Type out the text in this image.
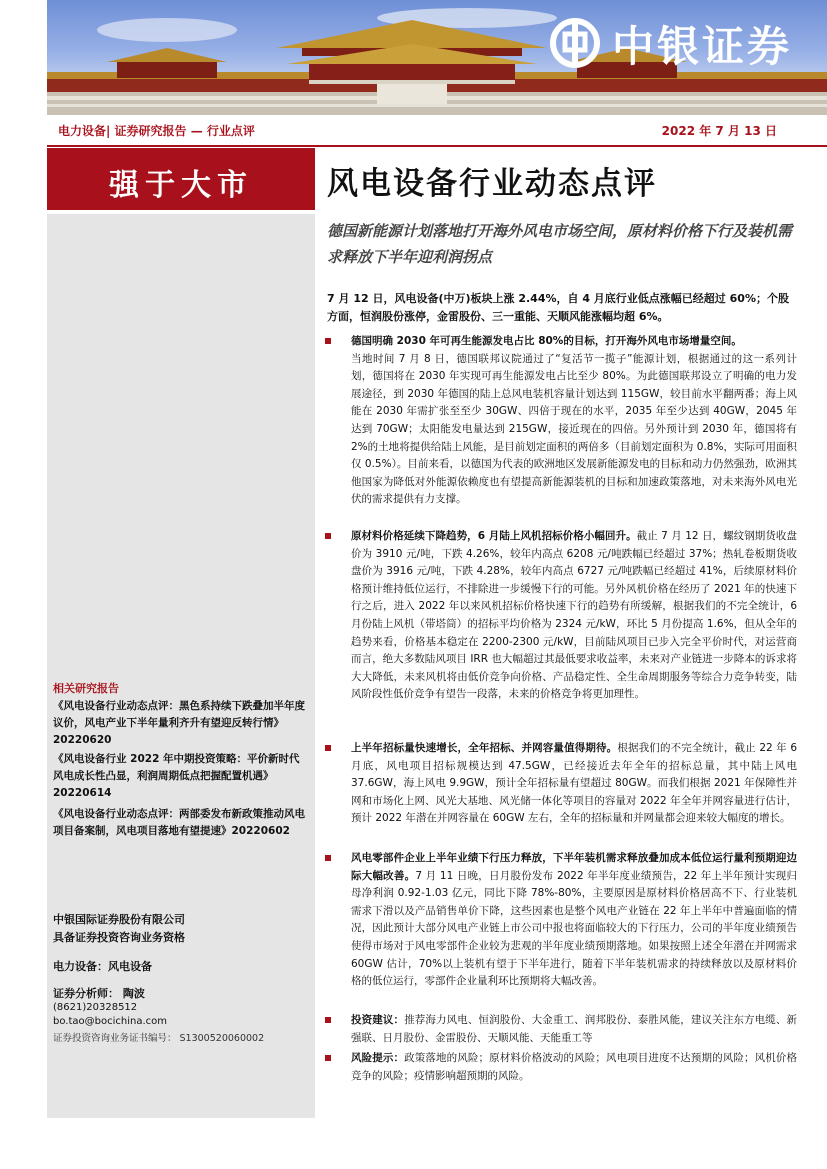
中银证券
电力设备| 证券研究报告 — 行业点评	2022 年 7 月 13 日
强于大市
相关研究报告
《风电设备行业动态点评：黑色系持续下跌叠加半年度议价，风电产业下半年量利齐升有望迎反转行情》20220620
《风电设备行业 2022 年中期投资策略：平价新时代风电成长性凸显，利润周期低点把握配置机遇》20220614
《风电设备行业动态点评：两部委发布新政策推动风电项目备案制，风电项目落地有望提速》20220602
中银国际证券股份有限公司
具备证券投资咨询业务资格
电力设备：风电设备
证券分析师： 陶波
(8621)20328512
bo.tao@bocichina.com
证券投资咨询业务证书编号： S1300520060002
风电设备行业动态点评
德国新能源计划落地打开海外风电市场空间，原材料价格下行及装机需求释放下半年迎利润拐点
7 月 12 日，风电设备(中万)板块上涨 2.44%，自 4 月底行业低点涨幅已经超过 60%；个股方面，恒润股份涨停，金雷股份、三一重能、天顺风能涨幅均超 6%。
德国明确 2030 年可再生能源发电占比 80%的目标，打开海外风电市场增量空间。
当地时间 7 月 8 日，德国联邦议院通过了“复活节一揽子”能源计划，根据通过的这一系列计划，德国将在 2030 年实现可再生能源发电占比至少 80%。为此德国联邦设立了明确的电力发展途径，到 2030 年德国的陆上总风电装机容量计划达到 115GW，较目前水平翻两番；海上风能在 2030 年需扩张至至少 30GW、四倍于现在的水平，2035 年至少达到 40GW，2045 年达到 70GW；太阳能发电量达到 215GW，接近现在的四倍。另外预计到 2030 年，德国将有 2%的土地将提供给陆上风能，是目前划定面积的两倍多（目前划定面积为 0.8%，实际可用面积仅 0.5%）。目前来看，以德国为代表的欧洲地区发展新能源发电的目标和动力仍然强劲，欧洲其他国家为降低对外能源依赖度也有望提高新能源装机的目标和加速政策落地，对未来海外风电光伏的需求提供有力支撑。
原材料价格延续下降趋势，6 月陆上风机招标价格小幅回升。截止 7 月 12 日，螺纹钢期货收盘价为 3910 元/吨，下跌 4.26%，较年内高点 6208 元/吨跌幅已经超过 37%；热轧卷板期货收盘价为 3916 元/吨，下跌 4.28%，较年内高点 6727 元/吨跌幅已经超过 41%，后续原材料价格预计维持低位运行，不排除进一步缓慢下行的可能。另外风机价格在经历了 2021 年的快速下行之后，进入 2022 年以来风机招标价格快速下行的趋势有所缓解，根据我们的不完全统计，6 月份陆上风机（带塔筒）的招标平均价格为 2324 元/kW，环比 5 月份提高 1.6%，但从全年的趋势来看，价格基本稳定在 2200-2300 元/kW，目前陆风项目已步入完全平价时代，对运营商而言，绝大多数陆风项目 IRR 也大幅超过其最低要求收益率，未来对产业链进一步降本的诉求将大大降低，未来风机将由低价竞争向价格、产品稳定性、全生命周期服务等综合力竞争转变，陆风阶段性低价竞争有望告一段落，未来的价格竞争将更加理性。
上半年招标量快速增长，全年招标、并网容量值得期待。根据我们的不完全统计，截止 22 年 6 月底，风电项目招标规模达到 47.5GW，已经接近去年全年的招标总量，其中陆上风电 37.6GW，海上风电 9.9GW，预计全年招标量有望超过 80GW。而我们根据 2021 年保障性并网和市场化上网、风光大基地、风光储一体化等项目的容量对 2022 年全年并网容量进行估计，预计 2022 年潜在并网容量在 60GW 左右，全年的招标量和并网量都会迎来较大幅度的增长。
风电零部件企业上半年业绩下行压力释放，下半年装机需求释放叠加成本低位运行量利预期迎边际大幅改善。7 月 11 日晚，日月股份发布 2022 年半年度业绩预告，22 年上半年预计实现归母净利润 0.92-1.03 亿元，同比下降 78%-80%，主要原因是原材料价格居高不下、行业装机需求下滑以及产品销售单价下降，这些因素也是整个风电产业链在 22 年上半年中普遍面临的情况，因此预计大部分风电产业链上市公司中报也将面临较大的下行压力，公司的半年度业绩预告使得市场对于风电零部件企业较为悲观的半年度业绩预期落地。如果按照上述全年潜在并网需求 60GW 估计，70%以上装机有望于下半年进行，随着下半年装机需求的持续释放以及原材料价格的低位运行，零部件企业量利环比预期将大幅改善。
投资建议：推荐海力风电、恒润股份、大金重工、润邦股份、泰胜风能，建议关注东方电缆、新强联、日月股份、金雷股份、天顺风能、天能重工等
风险提示：政策落地的风险；原材料价格波动的风险；风电项目进度不达预期的风险；风机价格竞争的风险；疫情影响超预期的风险。
